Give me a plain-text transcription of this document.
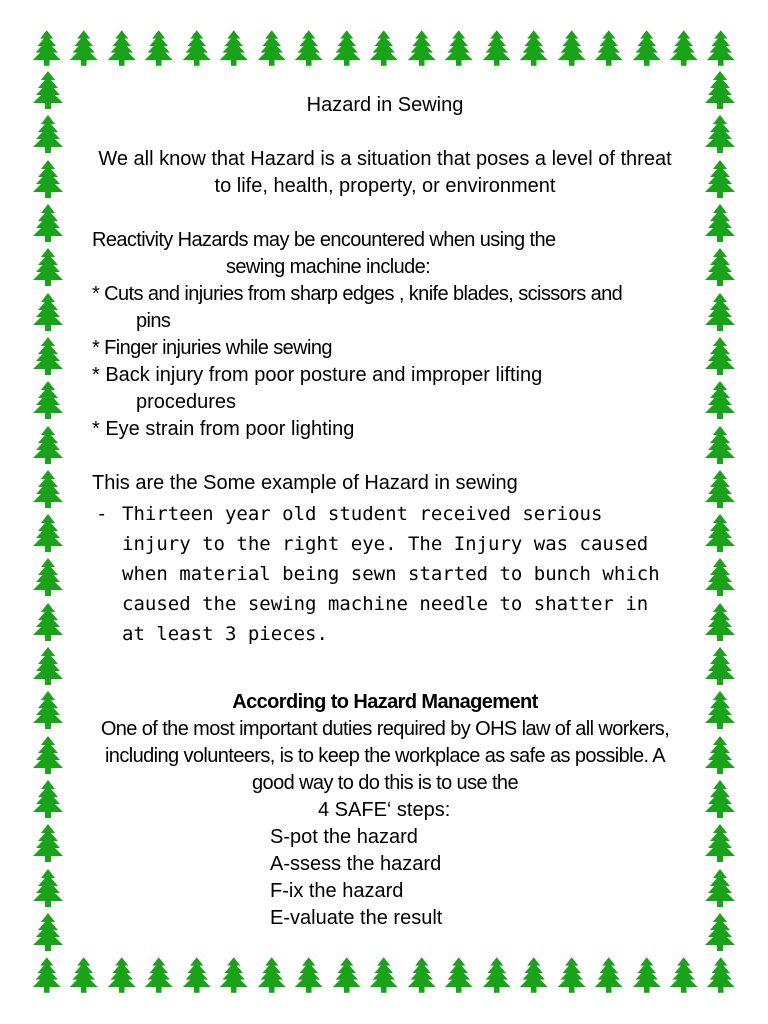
Hazard in Sewing
We all know that Hazard is a situation that poses a level of threat to life, health, property, or environment
Reactivity Hazards may be encountered when using the
sewing machine include:
* Cuts and injuries from sharp edges , knife blades, scissors and
pins
* Finger injuries while sewing
* Back injury from poor posture and improper lifting
procedures
* Eye strain from poor lighting
This are the Some example of Hazard in sewing
- Thirteen year old student received serious injury to the right eye. The Injury was caused when material being sewn started to bunch which caused the sewing machine needle to shatter in at least 3 pieces.
According to Hazard Management
One of the most important duties required by OHS law of all workers, including volunteers, is to keep the workplace as safe as possible. A good way to do this is to use the
4 SAFE‘ steps:
S-pot the hazard
A-ssess the hazard
F-ix the hazard
E-valuate the result
